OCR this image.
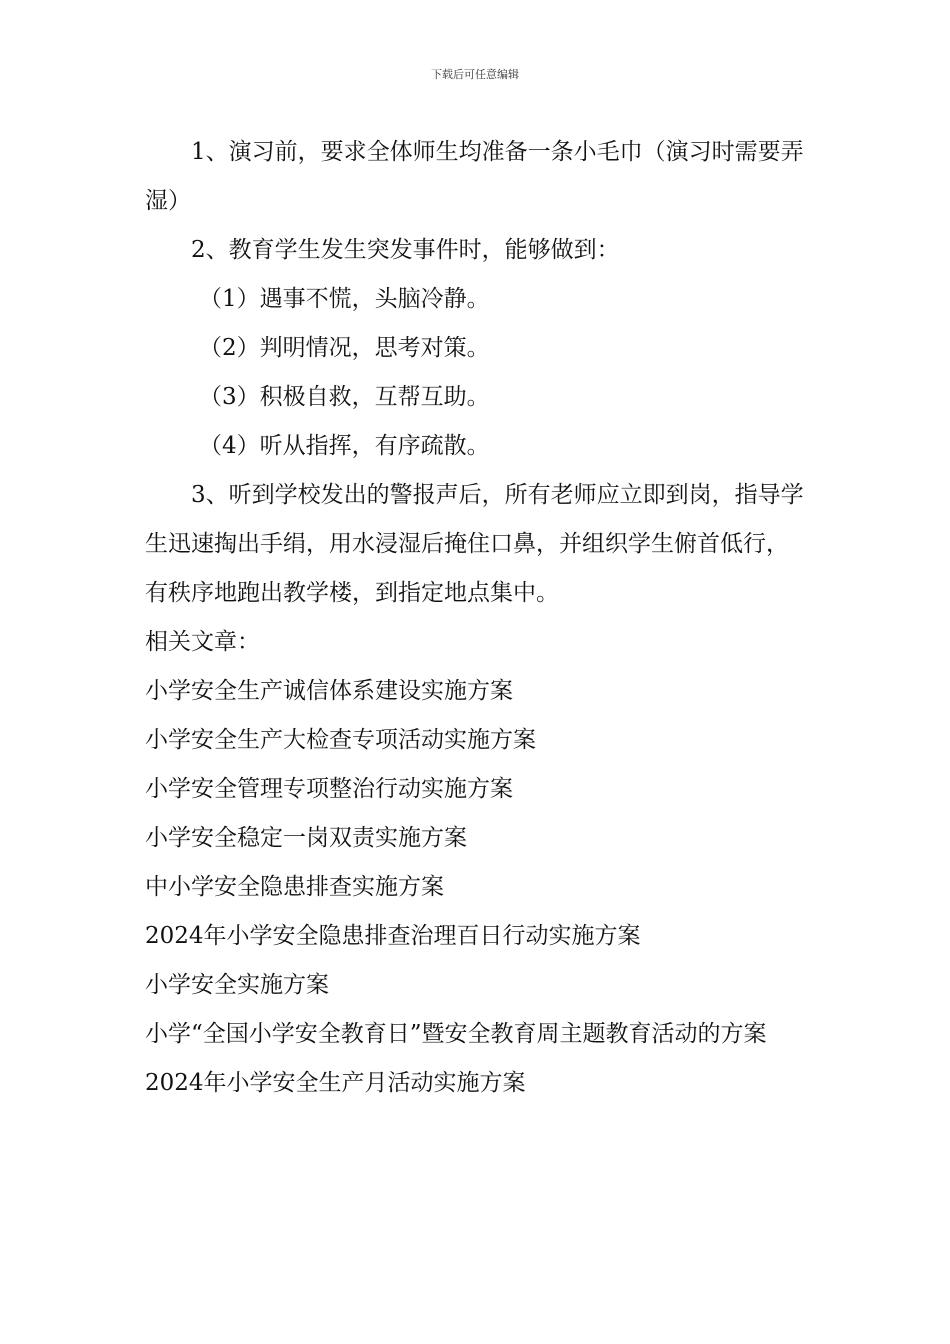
下载后可任意编辑

1、演习前，要求全体师生均准备一条小毛巾（演习时需要弄湿）

2、教育学生发生突发事件时，能够做到：

（1）遇事不慌，头脑冷静。

（2）判明情况，思考对策。

（3）积极自救，互帮互助。

（4）听从指挥，有序疏散。

3、听到学校发出的警报声后，所有老师应立即到岗，指导学生迅速掏出手绢，用水浸湿后掩住口鼻，并组织学生俯首低行，有秩序地跑出教学楼，到指定地点集中。

相关文章：

小学安全生产诚信体系建设实施方案
小学安全生产大检查专项活动实施方案
小学安全管理专项整治行动实施方案
小学安全稳定一岗双责实施方案
中小学安全隐患排查实施方案
2024年小学安全隐患排查治理百日行动实施方案
小学安全实施方案
小学“全国小学安全教育日”暨安全教育周主题教育活动的方案
2024年小学安全生产月活动实施方案
